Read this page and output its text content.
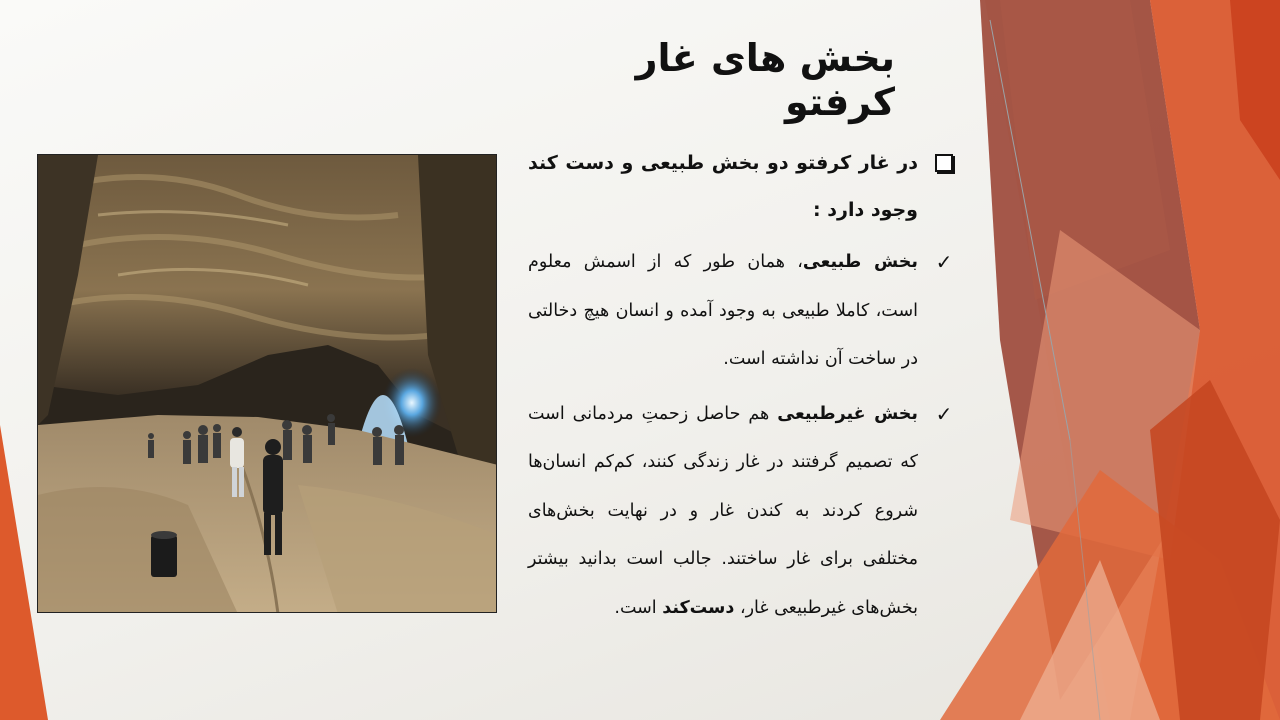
بخش های غار کرفتو

در غار کرفتو دو بخش طبیعی و دست کند وجود دارد :

✓
بخش طبیعی، همان طور که از اسمش معلوم است، کاملا طبیعی به وجود آمده و انسان هیچ دخالتی در ساخت آن نداشته است.

✓
بخش غیرطبیعی هم حاصل زحمتِ مردمانی است که تصمیم گرفتند در غار زندگی کنند، کم‌کم انسان‌ها شروع کردند به کندن غار و در نهایت بخش‌های مختلفی برای غار ساختند. جالب است بدانید بیشتر بخش‌های غیرطبیعی غار، دست‌کند است.
